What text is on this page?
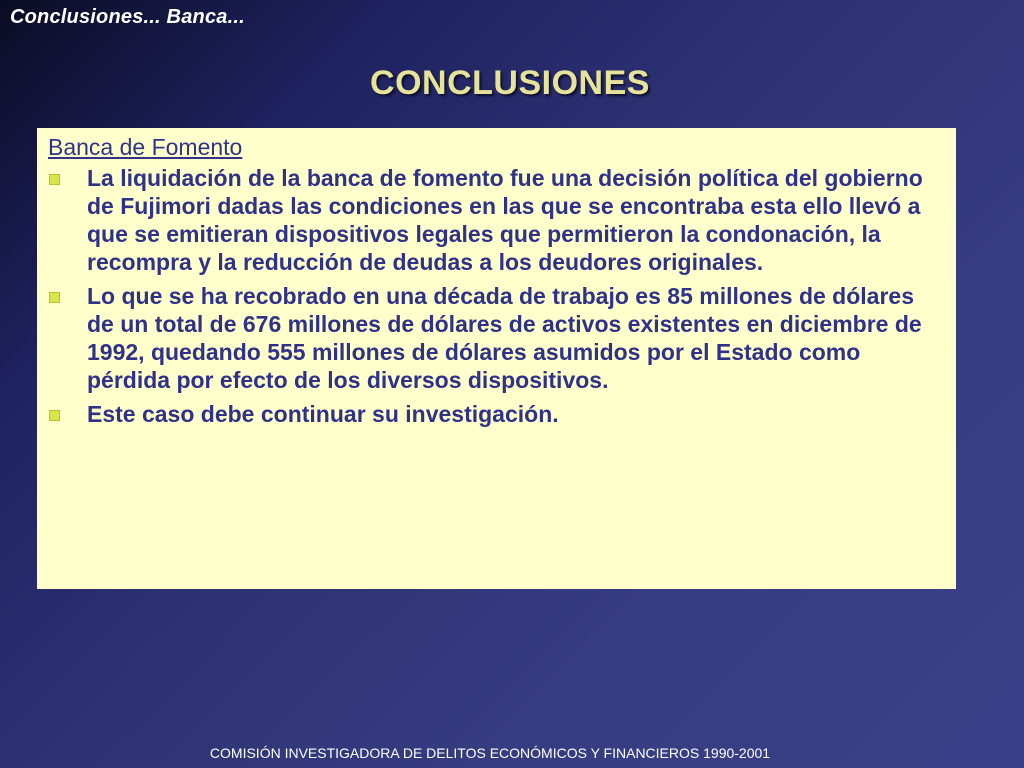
Conclusiones... Banca...
CONCLUSIONES
Banca de Fomento
La liquidación de la banca de fomento fue una decisión política del gobierno de Fujimori dadas las condiciones en las que se encontraba esta ello llevó a que se emitieran dispositivos legales que permitieron la condonación, la recompra y la reducción de deudas a los deudores originales.
Lo que se ha recobrado en una década de trabajo es 85 millones de dólares de un total de 676 millones de dólares de activos existentes en diciembre de 1992, quedando 555 millones de dólares asumidos por el Estado como pérdida por efecto de los diversos dispositivos.
Este caso debe continuar su investigación.
COMISIÓN INVESTIGADORA DE DELITOS ECONÓMICOS Y FINANCIEROS 1990-2001
